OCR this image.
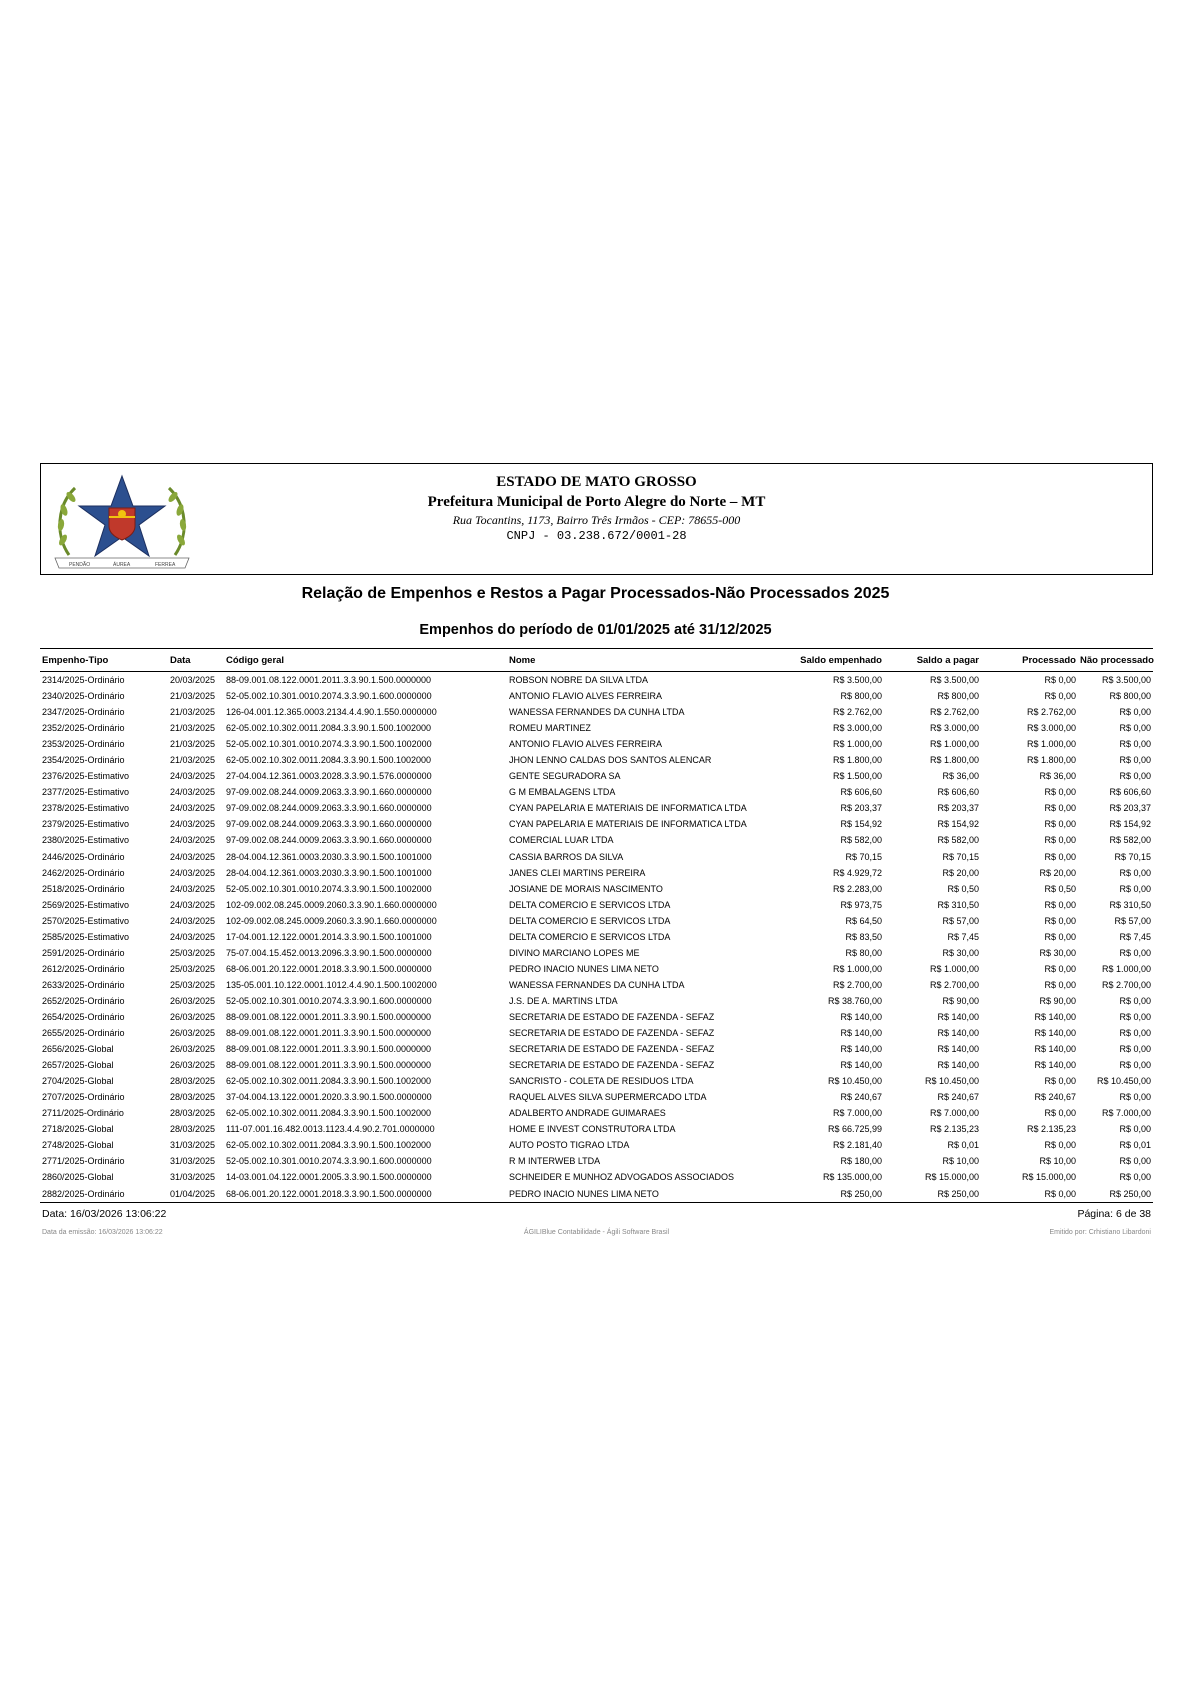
PENDÃO	ÁUREA	FERREA
ESTADO DE MATO GROSSO
Prefeitura Municipal de Porto Alegre do Norte – MT
Rua Tocantins, 1173, Bairro Três Irmãos - CEP: 78655-000
CNPJ - 03.238.672/0001-28
Relação de Empenhos e Restos a Pagar Processados-Não Processados 2025
Empenhos do período de 01/01/2025 até 31/12/2025
Empenho-Tipo	Data	Código geral	Nome	Saldo empenhado	Saldo a pagar	Processado	Não processado
2314/2025-Ordinário	20/03/2025	88-09.001.08.122.0001.2011.3.3.90.1.500.0000000	ROBSON NOBRE DA SILVA LTDA	R$ 3.500,00	R$ 3.500,00	R$ 0,00	R$ 3.500,00
2340/2025-Ordinário	21/03/2025	52-05.002.10.301.0010.2074.3.3.90.1.600.0000000	ANTONIO FLAVIO ALVES FERREIRA	R$ 800,00	R$ 800,00	R$ 0,00	R$ 800,00
2347/2025-Ordinário	21/03/2025	126-04.001.12.365.0003.2134.4.4.90.1.550.0000000	WANESSA FERNANDES DA CUNHA LTDA	R$ 2.762,00	R$ 2.762,00	R$ 2.762,00	R$ 0,00
2352/2025-Ordinário	21/03/2025	62-05.002.10.302.0011.2084.3.3.90.1.500.1002000	ROMEU MARTINEZ	R$ 3.000,00	R$ 3.000,00	R$ 3.000,00	R$ 0,00
2353/2025-Ordinário	21/03/2025	52-05.002.10.301.0010.2074.3.3.90.1.500.1002000	ANTONIO FLAVIO ALVES FERREIRA	R$ 1.000,00	R$ 1.000,00	R$ 1.000,00	R$ 0,00
2354/2025-Ordinário	21/03/2025	62-05.002.10.302.0011.2084.3.3.90.1.500.1002000	JHON LENNO CALDAS DOS SANTOS ALENCAR	R$ 1.800,00	R$ 1.800,00	R$ 1.800,00	R$ 0,00
2376/2025-Estimativo	24/03/2025	27-04.004.12.361.0003.2028.3.3.90.1.576.0000000	GENTE SEGURADORA SA	R$ 1.500,00	R$ 36,00	R$ 36,00	R$ 0,00
2377/2025-Estimativo	24/03/2025	97-09.002.08.244.0009.2063.3.3.90.1.660.0000000	G M EMBALAGENS LTDA	R$ 606,60	R$ 606,60	R$ 0,00	R$ 606,60
2378/2025-Estimativo	24/03/2025	97-09.002.08.244.0009.2063.3.3.90.1.660.0000000	CYAN PAPELARIA E MATERIAIS DE INFORMATICA LTDA	R$ 203,37	R$ 203,37	R$ 0,00	R$ 203,37
2379/2025-Estimativo	24/03/2025	97-09.002.08.244.0009.2063.3.3.90.1.660.0000000	CYAN PAPELARIA E MATERIAIS DE INFORMATICA LTDA	R$ 154,92	R$ 154,92	R$ 0,00	R$ 154,92
2380/2025-Estimativo	24/03/2025	97-09.002.08.244.0009.2063.3.3.90.1.660.0000000	COMERCIAL LUAR LTDA	R$ 582,00	R$ 582,00	R$ 0,00	R$ 582,00
2446/2025-Ordinário	24/03/2025	28-04.004.12.361.0003.2030.3.3.90.1.500.1001000	CASSIA BARROS DA SILVA	R$ 70,15	R$ 70,15	R$ 0,00	R$ 70,15
2462/2025-Ordinário	24/03/2025	28-04.004.12.361.0003.2030.3.3.90.1.500.1001000	JANES CLEI MARTINS PEREIRA	R$ 4.929,72	R$ 20,00	R$ 20,00	R$ 0,00
2518/2025-Ordinário	24/03/2025	52-05.002.10.301.0010.2074.3.3.90.1.500.1002000	JOSIANE DE MORAIS NASCIMENTO	R$ 2.283,00	R$ 0,50	R$ 0,50	R$ 0,00
2569/2025-Estimativo	24/03/2025	102-09.002.08.245.0009.2060.3.3.90.1.660.0000000	DELTA COMERCIO E SERVICOS LTDA	R$ 973,75	R$ 310,50	R$ 0,00	R$ 310,50
2570/2025-Estimativo	24/03/2025	102-09.002.08.245.0009.2060.3.3.90.1.660.0000000	DELTA COMERCIO E SERVICOS LTDA	R$ 64,50	R$ 57,00	R$ 0,00	R$ 57,00
2585/2025-Estimativo	24/03/2025	17-04.001.12.122.0001.2014.3.3.90.1.500.1001000	DELTA COMERCIO E SERVICOS LTDA	R$ 83,50	R$ 7,45	R$ 0,00	R$ 7,45
2591/2025-Ordinário	25/03/2025	75-07.004.15.452.0013.2096.3.3.90.1.500.0000000	DIVINO MARCIANO LOPES ME	R$ 80,00	R$ 30,00	R$ 30,00	R$ 0,00
2612/2025-Ordinário	25/03/2025	68-06.001.20.122.0001.2018.3.3.90.1.500.0000000	PEDRO INACIO NUNES LIMA NETO	R$ 1.000,00	R$ 1.000,00	R$ 0,00	R$ 1.000,00
2633/2025-Ordinário	25/03/2025	135-05.001.10.122.0001.1012.4.4.90.1.500.1002000	WANESSA FERNANDES DA CUNHA LTDA	R$ 2.700,00	R$ 2.700,00	R$ 0,00	R$ 2.700,00
2652/2025-Ordinário	26/03/2025	52-05.002.10.301.0010.2074.3.3.90.1.600.0000000	J.S. DE A. MARTINS LTDA	R$ 38.760,00	R$ 90,00	R$ 90,00	R$ 0,00
2654/2025-Ordinário	26/03/2025	88-09.001.08.122.0001.2011.3.3.90.1.500.0000000	SECRETARIA DE ESTADO DE FAZENDA - SEFAZ	R$ 140,00	R$ 140,00	R$ 140,00	R$ 0,00
2655/2025-Ordinário	26/03/2025	88-09.001.08.122.0001.2011.3.3.90.1.500.0000000	SECRETARIA DE ESTADO DE FAZENDA - SEFAZ	R$ 140,00	R$ 140,00	R$ 140,00	R$ 0,00
2656/2025-Global	26/03/2025	88-09.001.08.122.0001.2011.3.3.90.1.500.0000000	SECRETARIA DE ESTADO DE FAZENDA - SEFAZ	R$ 140,00	R$ 140,00	R$ 140,00	R$ 0,00
2657/2025-Global	26/03/2025	88-09.001.08.122.0001.2011.3.3.90.1.500.0000000	SECRETARIA DE ESTADO DE FAZENDA - SEFAZ	R$ 140,00	R$ 140,00	R$ 140,00	R$ 0,00
2704/2025-Global	28/03/2025	62-05.002.10.302.0011.2084.3.3.90.1.500.1002000	SANCRISTO - COLETA DE RESIDUOS LTDA	R$ 10.450,00	R$ 10.450,00	R$ 0,00	R$ 10.450,00
2707/2025-Ordinário	28/03/2025	37-04.004.13.122.0001.2020.3.3.90.1.500.0000000	RAQUEL ALVES SILVA SUPERMERCADO LTDA	R$ 240,67	R$ 240,67	R$ 240,67	R$ 0,00
2711/2025-Ordinário	28/03/2025	62-05.002.10.302.0011.2084.3.3.90.1.500.1002000	ADALBERTO ANDRADE GUIMARAES	R$ 7.000,00	R$ 7.000,00	R$ 0,00	R$ 7.000,00
2718/2025-Global	28/03/2025	111-07.001.16.482.0013.1123.4.4.90.2.701.0000000	HOME E INVEST CONSTRUTORA LTDA	R$ 66.725,99	R$ 2.135,23	R$ 2.135,23	R$ 0,00
2748/2025-Global	31/03/2025	62-05.002.10.302.0011.2084.3.3.90.1.500.1002000	AUTO POSTO TIGRAO LTDA	R$ 2.181,40	R$ 0,01	R$ 0,00	R$ 0,01
2771/2025-Ordinário	31/03/2025	52-05.002.10.301.0010.2074.3.3.90.1.600.0000000	R M INTERWEB LTDA	R$ 180,00	R$ 10,00	R$ 10,00	R$ 0,00
2860/2025-Global	31/03/2025	14-03.001.04.122.0001.2005.3.3.90.1.500.0000000	SCHNEIDER E MUNHOZ ADVOGADOS ASSOCIADOS	R$ 135.000,00	R$ 15.000,00	R$ 15.000,00	R$ 0,00
2882/2025-Ordinário	01/04/2025	68-06.001.20.122.0001.2018.3.3.90.1.500.0000000	PEDRO INACIO NUNES LIMA NETO	R$ 250,00	R$ 250,00	R$ 0,00	R$ 250,00
Data: 16/03/2026 13:06:22	Página: 6 de 38
Data da emissão: 16/03/2026 13:06:22	ÁGILIBlue Contabilidade - Ágili Software Brasil	Emitido por: Crhistiano Libardoni
